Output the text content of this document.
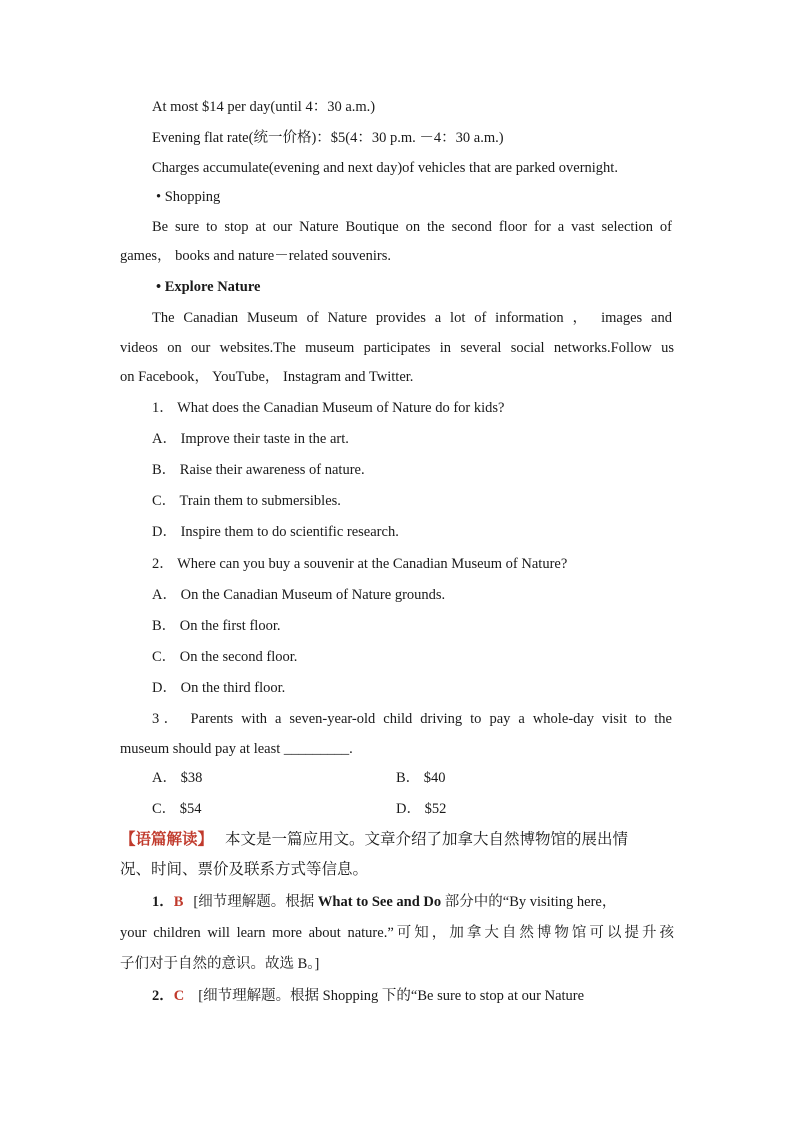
At most $14 per day(until 4：30 a.m.)
Evening flat rate(统一价格)：$5(4：30 p.m. －4：30 a.m.)
Charges accumulate(evening and next day)of vehicles that are parked overnight.
• Shopping
Be sure to stop at our Nature Boutique on the second floor for a vast selection of
games， books and nature－related souvenirs.
• Explore Nature
The Canadian Museum of Nature provides a lot of information ， images and
videos on our websites.The museum participates in several social networks.Follow us
on Facebook， YouTube， Instagram and Twitter.
1． What does the Canadian Museum of Nature do for kids?
A． Improve their taste in the art.
B． Raise their awareness of nature.
C． Train them to submersibles.
D． Inspire them to do scientific research.
2． Where can you buy a souvenir at the Canadian Museum of Nature?
A． On the Canadian Museum of Nature grounds.
B． On the first floor.
C． On the second floor.
D． On the third floor.
3． Parents with a seven-year-old child driving to pay a whole-day visit to the
museum should pay at least _________.
A． $38	B． $40
C． $54	D． $52
【语篇解读】 本文是一篇应用文。文章介绍了加拿大自然博物馆的展出情
况、时间、票价及联系方式等信息。
1．B [细节理解题。根据 What to See and Do 部分中的“By visiting here，
your children will learn more about nature.”可知，加拿大自然博物馆可以提升孩
子们对于自然的意识。故选 B。]
2．C [细节理解题。根据 Shopping 下的“Be sure to stop at our Nature
